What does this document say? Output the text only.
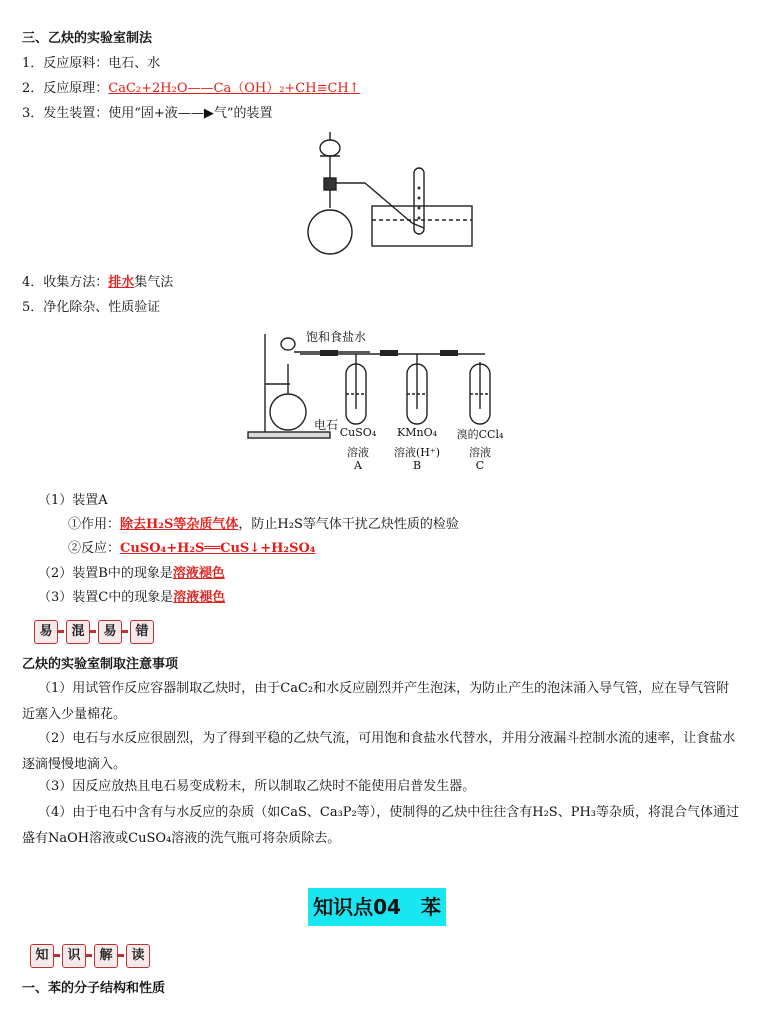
三、乙炔的实验室制法
1．反应原料：电石、水
2．反应原理：CaC₂+2H₂O——Ca（OH）₂+CH≡CH↑
3．发生装置：使用“固+液——▶气”的装置
4．收集方法：排水集气法
5．净化除杂、性质验证
饱和食盐水
电石
CuSO₄ KMnO₄	溴的CCl₄
溶液	溶液(H⁺)	溶液
A	B	C
（1）装置A
①作用：除去H₂S等杂质气体，防止H₂S等气体干扰乙炔性质的检验
②反应：CuSO₄+H₂S══CuS↓+H₂SO₄
（2）装置B中的现象是溶液褪色
（3）装置C中的现象是溶液褪色
易	混	易	错
乙炔的实验室制取注意事项
（1）用试管作反应容器制取乙炔时，由于CaC₂和水反应剧烈并产生泡沫，为防止产生的泡沫涌入导气管，应在导气管附近塞入少量棉花。
（2）电石与水反应很剧烈，为了得到平稳的乙炔气流，可用饱和食盐水代替水，并用分液漏斗控制水流的速率，让食盐水逐滴慢慢地滴入。
（3）因反应放热且电石易变成粉末，所以制取乙炔时不能使用启普发生器。
（4）由于电石中含有与水反应的杂质（如CaS、Ca₃P₂等），使制得的乙炔中往往含有H₂S、PH₃等杂质，将混合气体通过盛有NaOH溶液或CuSO₄溶液的洗气瓶可将杂质除去。
知识点04　苯
知	识	解	读
一、苯的分子结构和性质
